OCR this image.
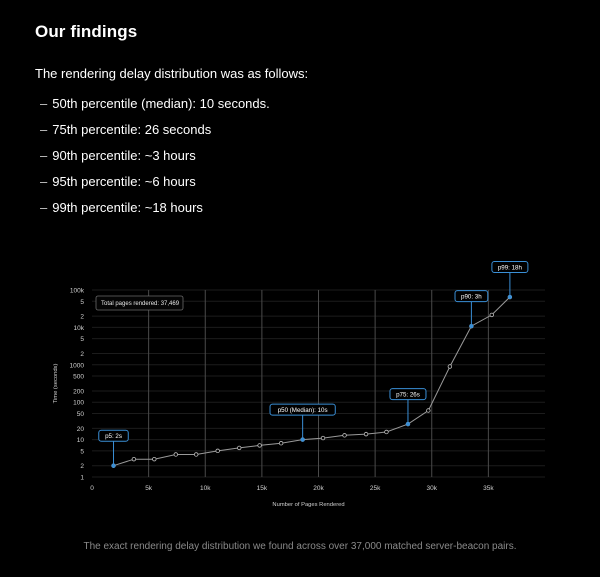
Our findings
The rendering delay distribution was as follows:
– 50th percentile (median): 10 seconds.
– 75th percentile: 26 seconds
– 90th percentile: ~3 hours
– 95th percentile: ~6 hours
– 99th percentile: ~18 hours
1
2
5
10
20
50
100
200
500
1000
2
5
10k
2
5
100k
0	5k	10k	15k	20k	25k	30k	35k
Number of Pages Rendered
Time (seconds)
p5: 2s
p50 (Median): 10s
p75: 26s
p90: 3h
p99: 18h
Total pages rendered: 37,469
The exact rendering delay distribution we found across over 37,000 matched server-beacon pairs.
